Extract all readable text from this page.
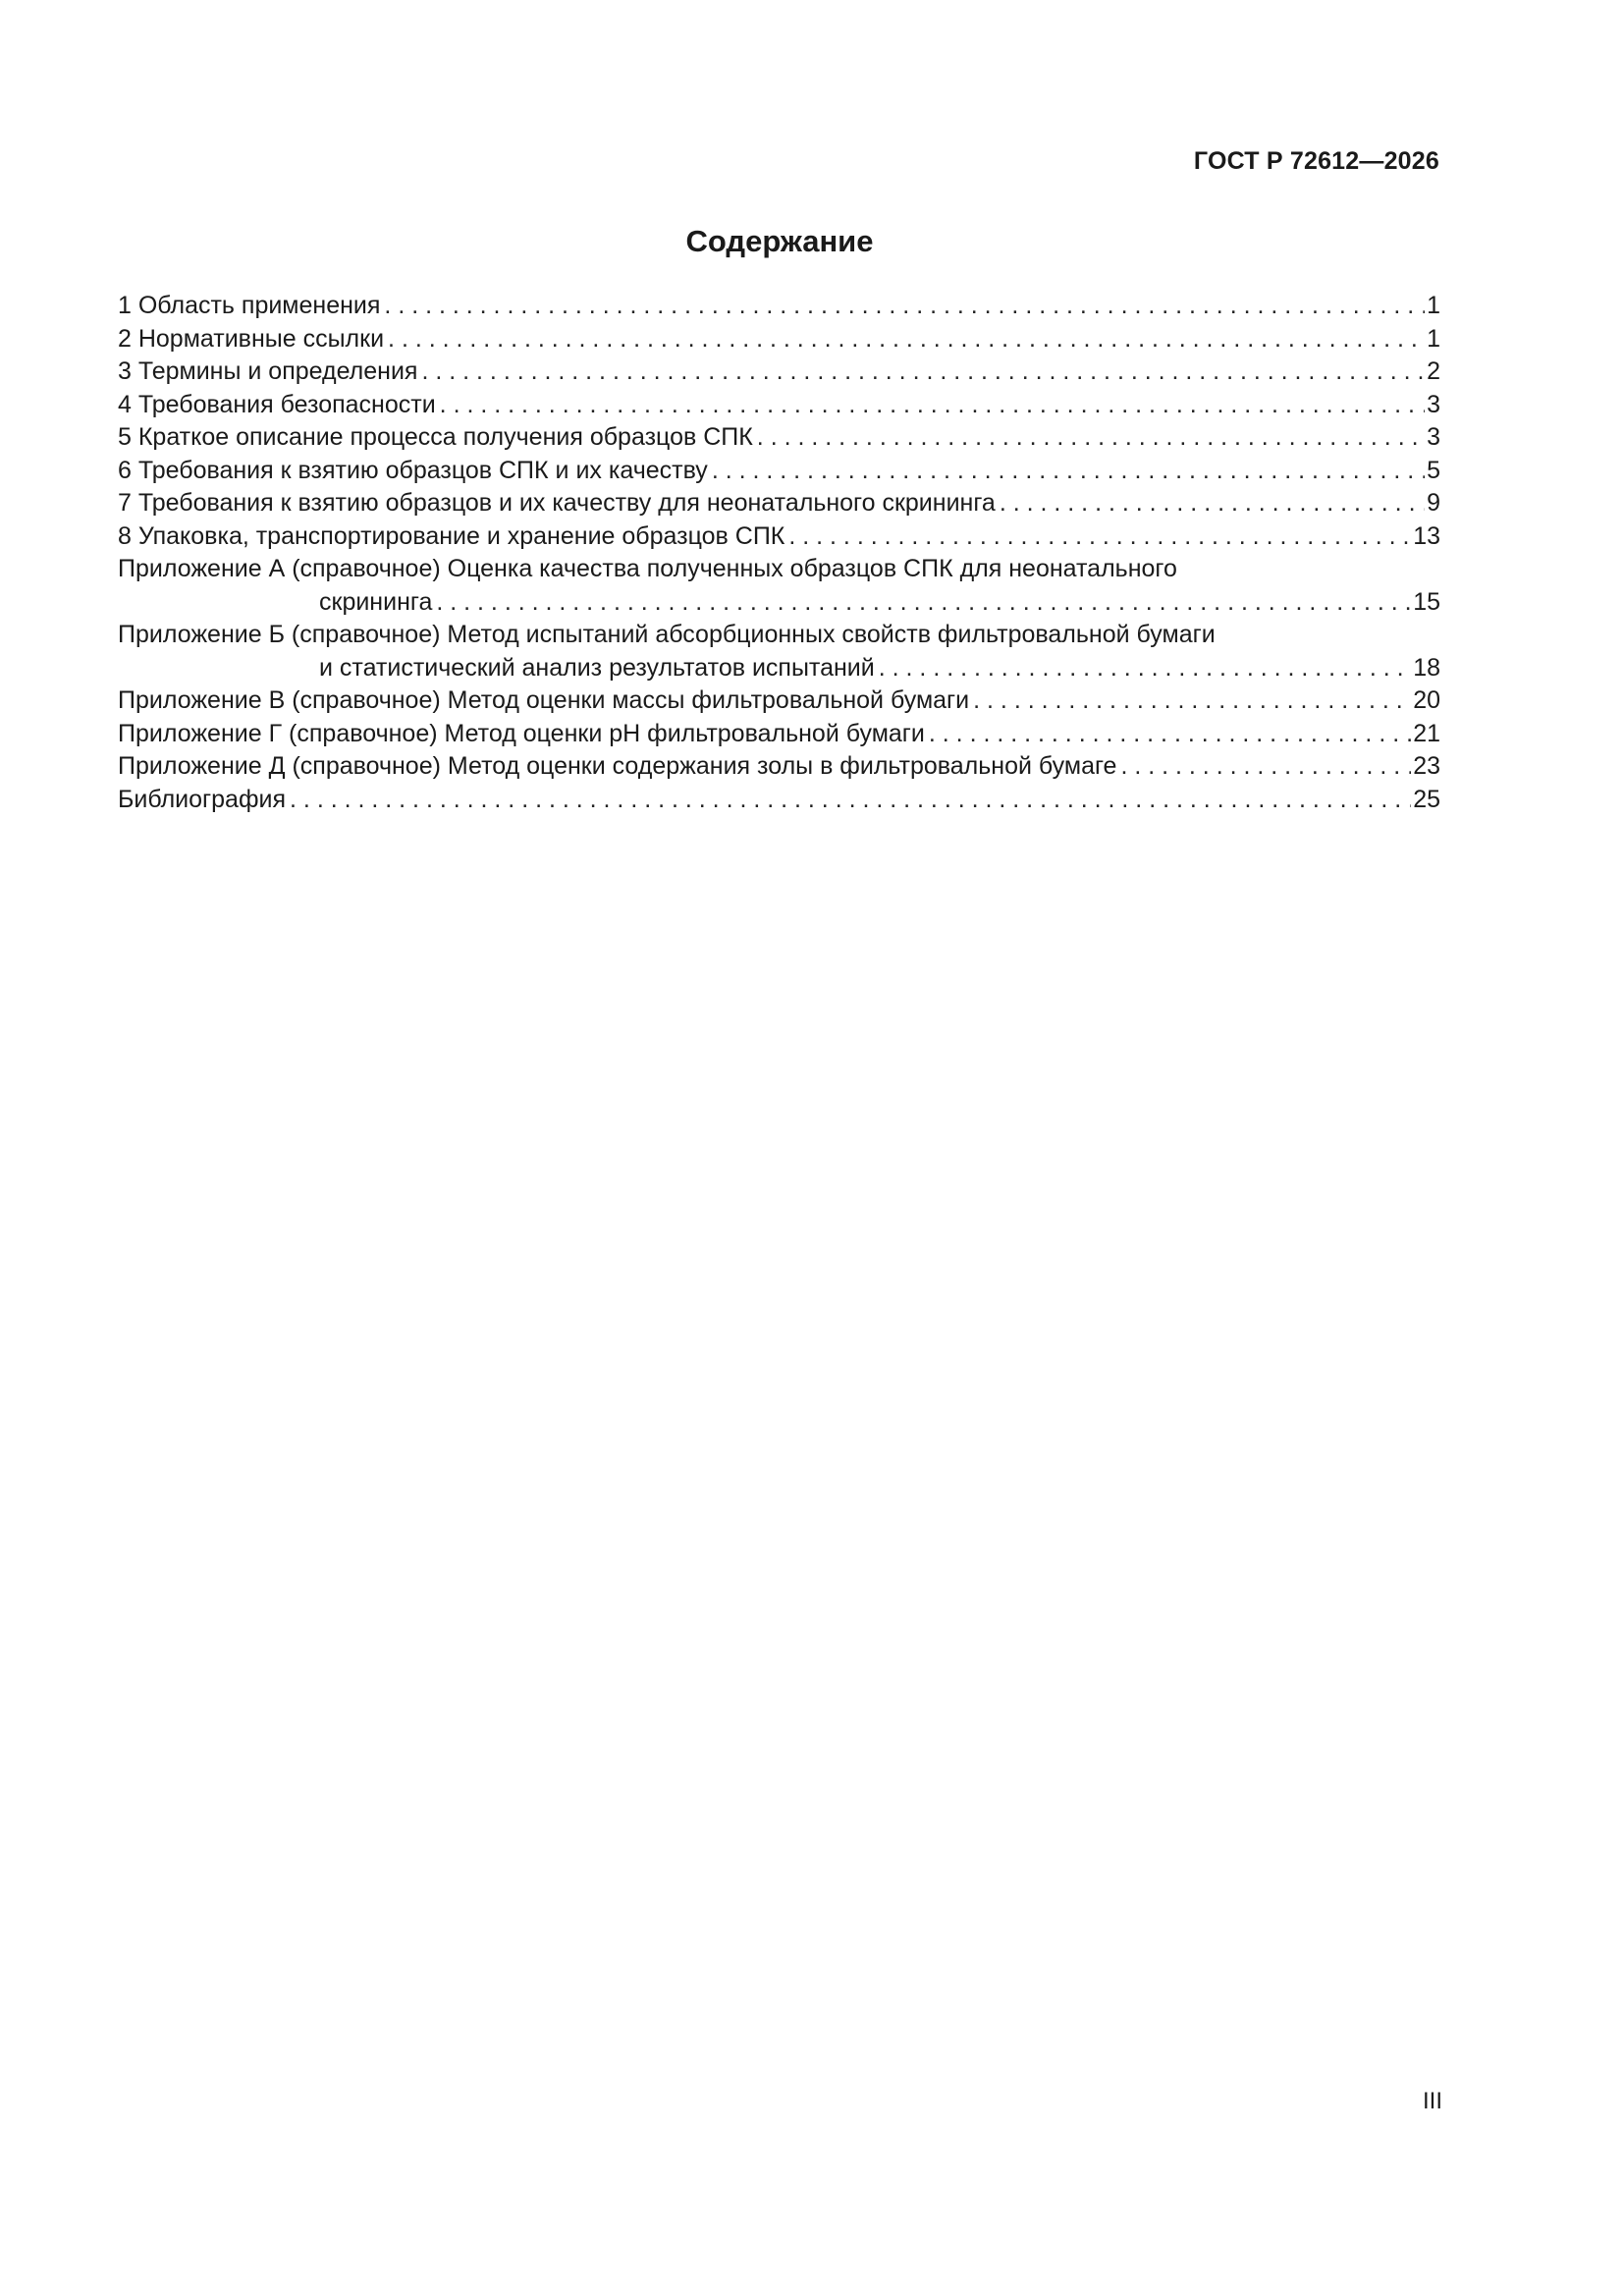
ГОСТ Р 72612—2026
Содержание
1 Область применения . . .	1
2 Нормативные ссылки . . .	1
3 Термины и определения . . .	2
4 Требования безопасности . . .	3
5 Краткое описание процесса получения образцов СПК . . .	3
6 Требования к взятию образцов СПК и их качеству . . .	5
7 Требования к взятию образцов и их качеству для неонатального скрининга . . .	9
8 Упаковка, транспортирование и хранение образцов СПК . . .	13
Приложение А (справочное) Оценка качества полученных образцов СПК для неонатального
скрининга . . .	15
Приложение Б (справочное) Метод испытаний абсорбционных свойств фильтровальной бумаги
и статистический анализ результатов испытаний . . .	18
Приложение В (справочное) Метод оценки массы фильтровальной бумаги . . .	20
Приложение Г (справочное) Метод оценки pH фильтровальной бумаги . . .	21
Приложение Д (справочное) Метод оценки содержания золы в фильтровальной бумаге . . .	23
Библиография . . .	25
III
